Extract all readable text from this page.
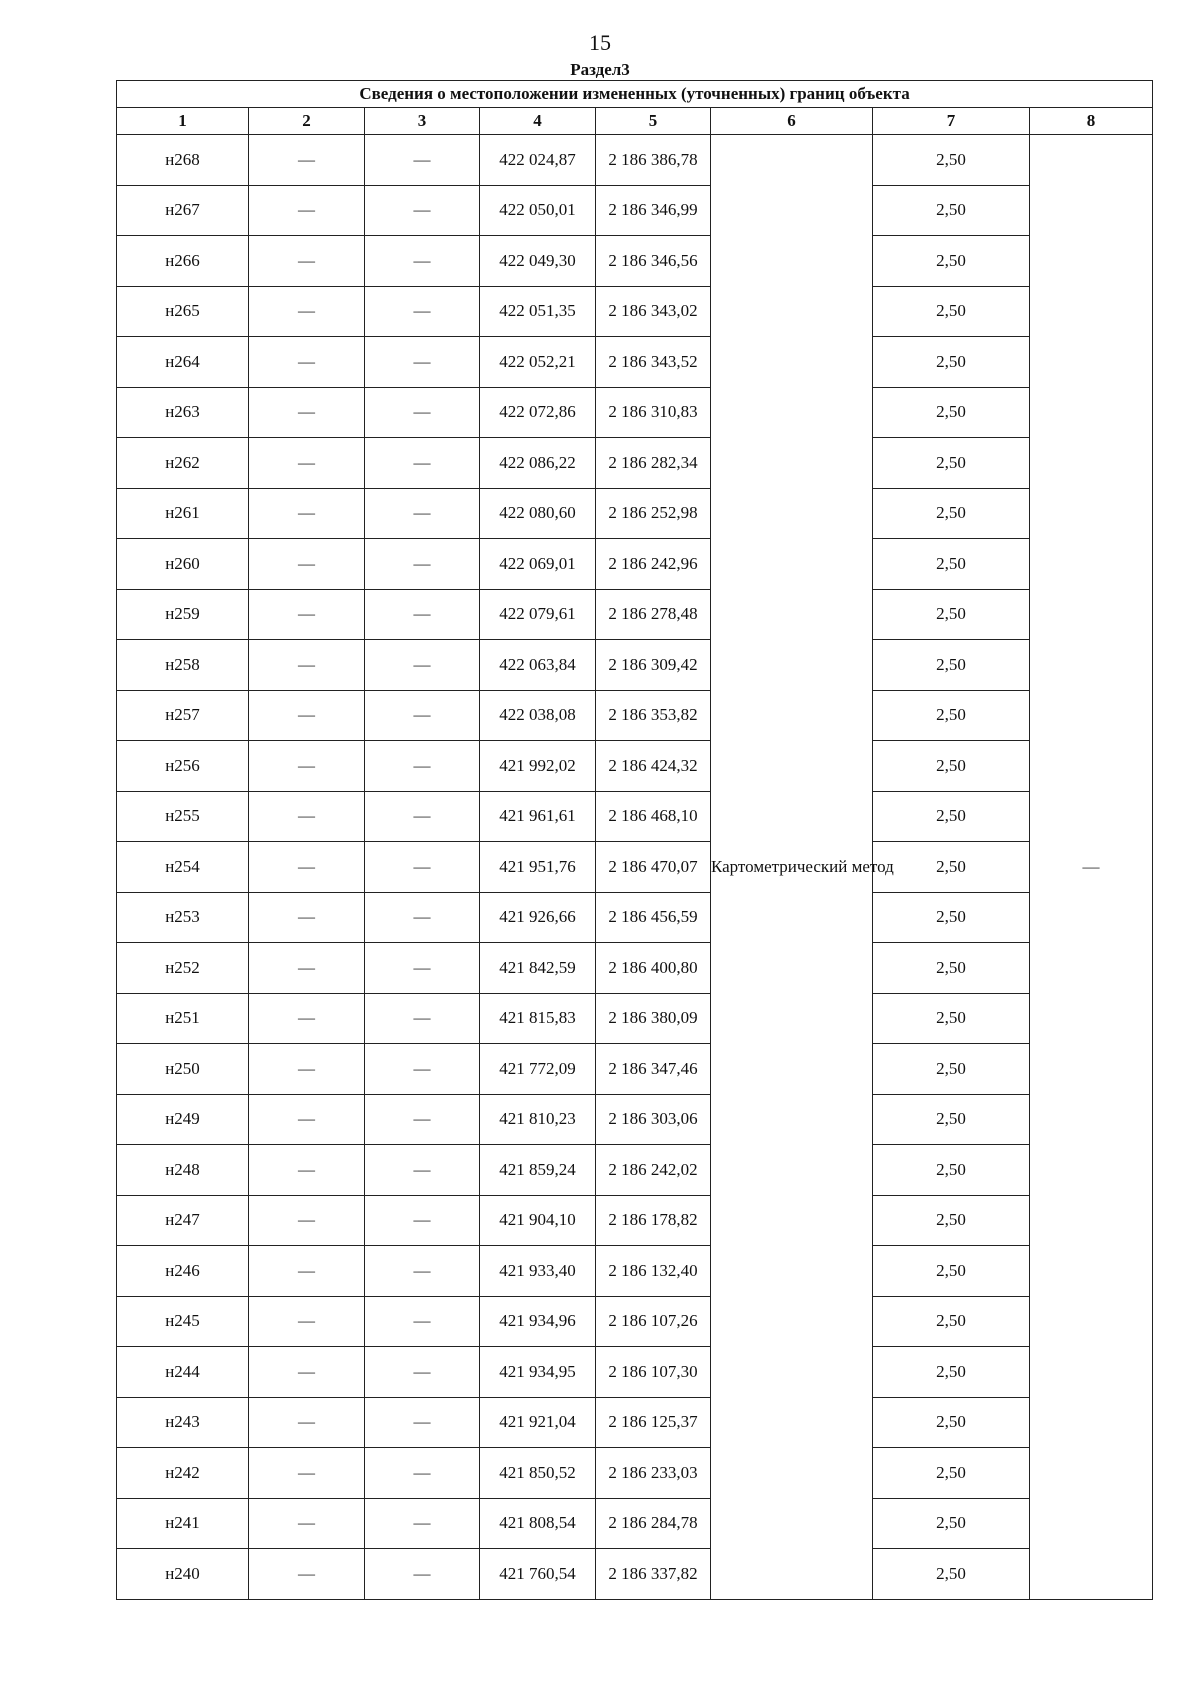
15
Раздел3
Сведения о местоположении измененных (уточненных) границ объекта							
1	2	3	4	5	6	7	8
н268	—	—	422 024,87	2 186 386,78	Картометрический метод	2,50	—
н267	—	—	422 050,01	2 186 346,99		2,50	
н266	—	—	422 049,30	2 186 346,56		2,50	
н265	—	—	422 051,35	2 186 343,02		2,50	
н264	—	—	422 052,21	2 186 343,52		2,50	
н263	—	—	422 072,86	2 186 310,83		2,50	
н262	—	—	422 086,22	2 186 282,34		2,50	
н261	—	—	422 080,60	2 186 252,98		2,50	
н260	—	—	422 069,01	2 186 242,96		2,50	
н259	—	—	422 079,61	2 186 278,48		2,50	
н258	—	—	422 063,84	2 186 309,42		2,50	
н257	—	—	422 038,08	2 186 353,82		2,50	
н256	—	—	421 992,02	2 186 424,32		2,50	
н255	—	—	421 961,61	2 186 468,10		2,50	
н254	—	—	421 951,76	2 186 470,07		2,50	
н253	—	—	421 926,66	2 186 456,59		2,50	
н252	—	—	421 842,59	2 186 400,80		2,50	
н251	—	—	421 815,83	2 186 380,09		2,50	
н250	—	—	421 772,09	2 186 347,46		2,50	
н249	—	—	421 810,23	2 186 303,06		2,50	
н248	—	—	421 859,24	2 186 242,02		2,50	
н247	—	—	421 904,10	2 186 178,82		2,50	
н246	—	—	421 933,40	2 186 132,40		2,50	
н245	—	—	421 934,96	2 186 107,26		2,50	
н244	—	—	421 934,95	2 186 107,30		2,50	
н243	—	—	421 921,04	2 186 125,37		2,50	
н242	—	—	421 850,52	2 186 233,03		2,50	
н241	—	—	421 808,54	2 186 284,78		2,50	
н240	—	—	421 760,54	2 186 337,82		2,50	
